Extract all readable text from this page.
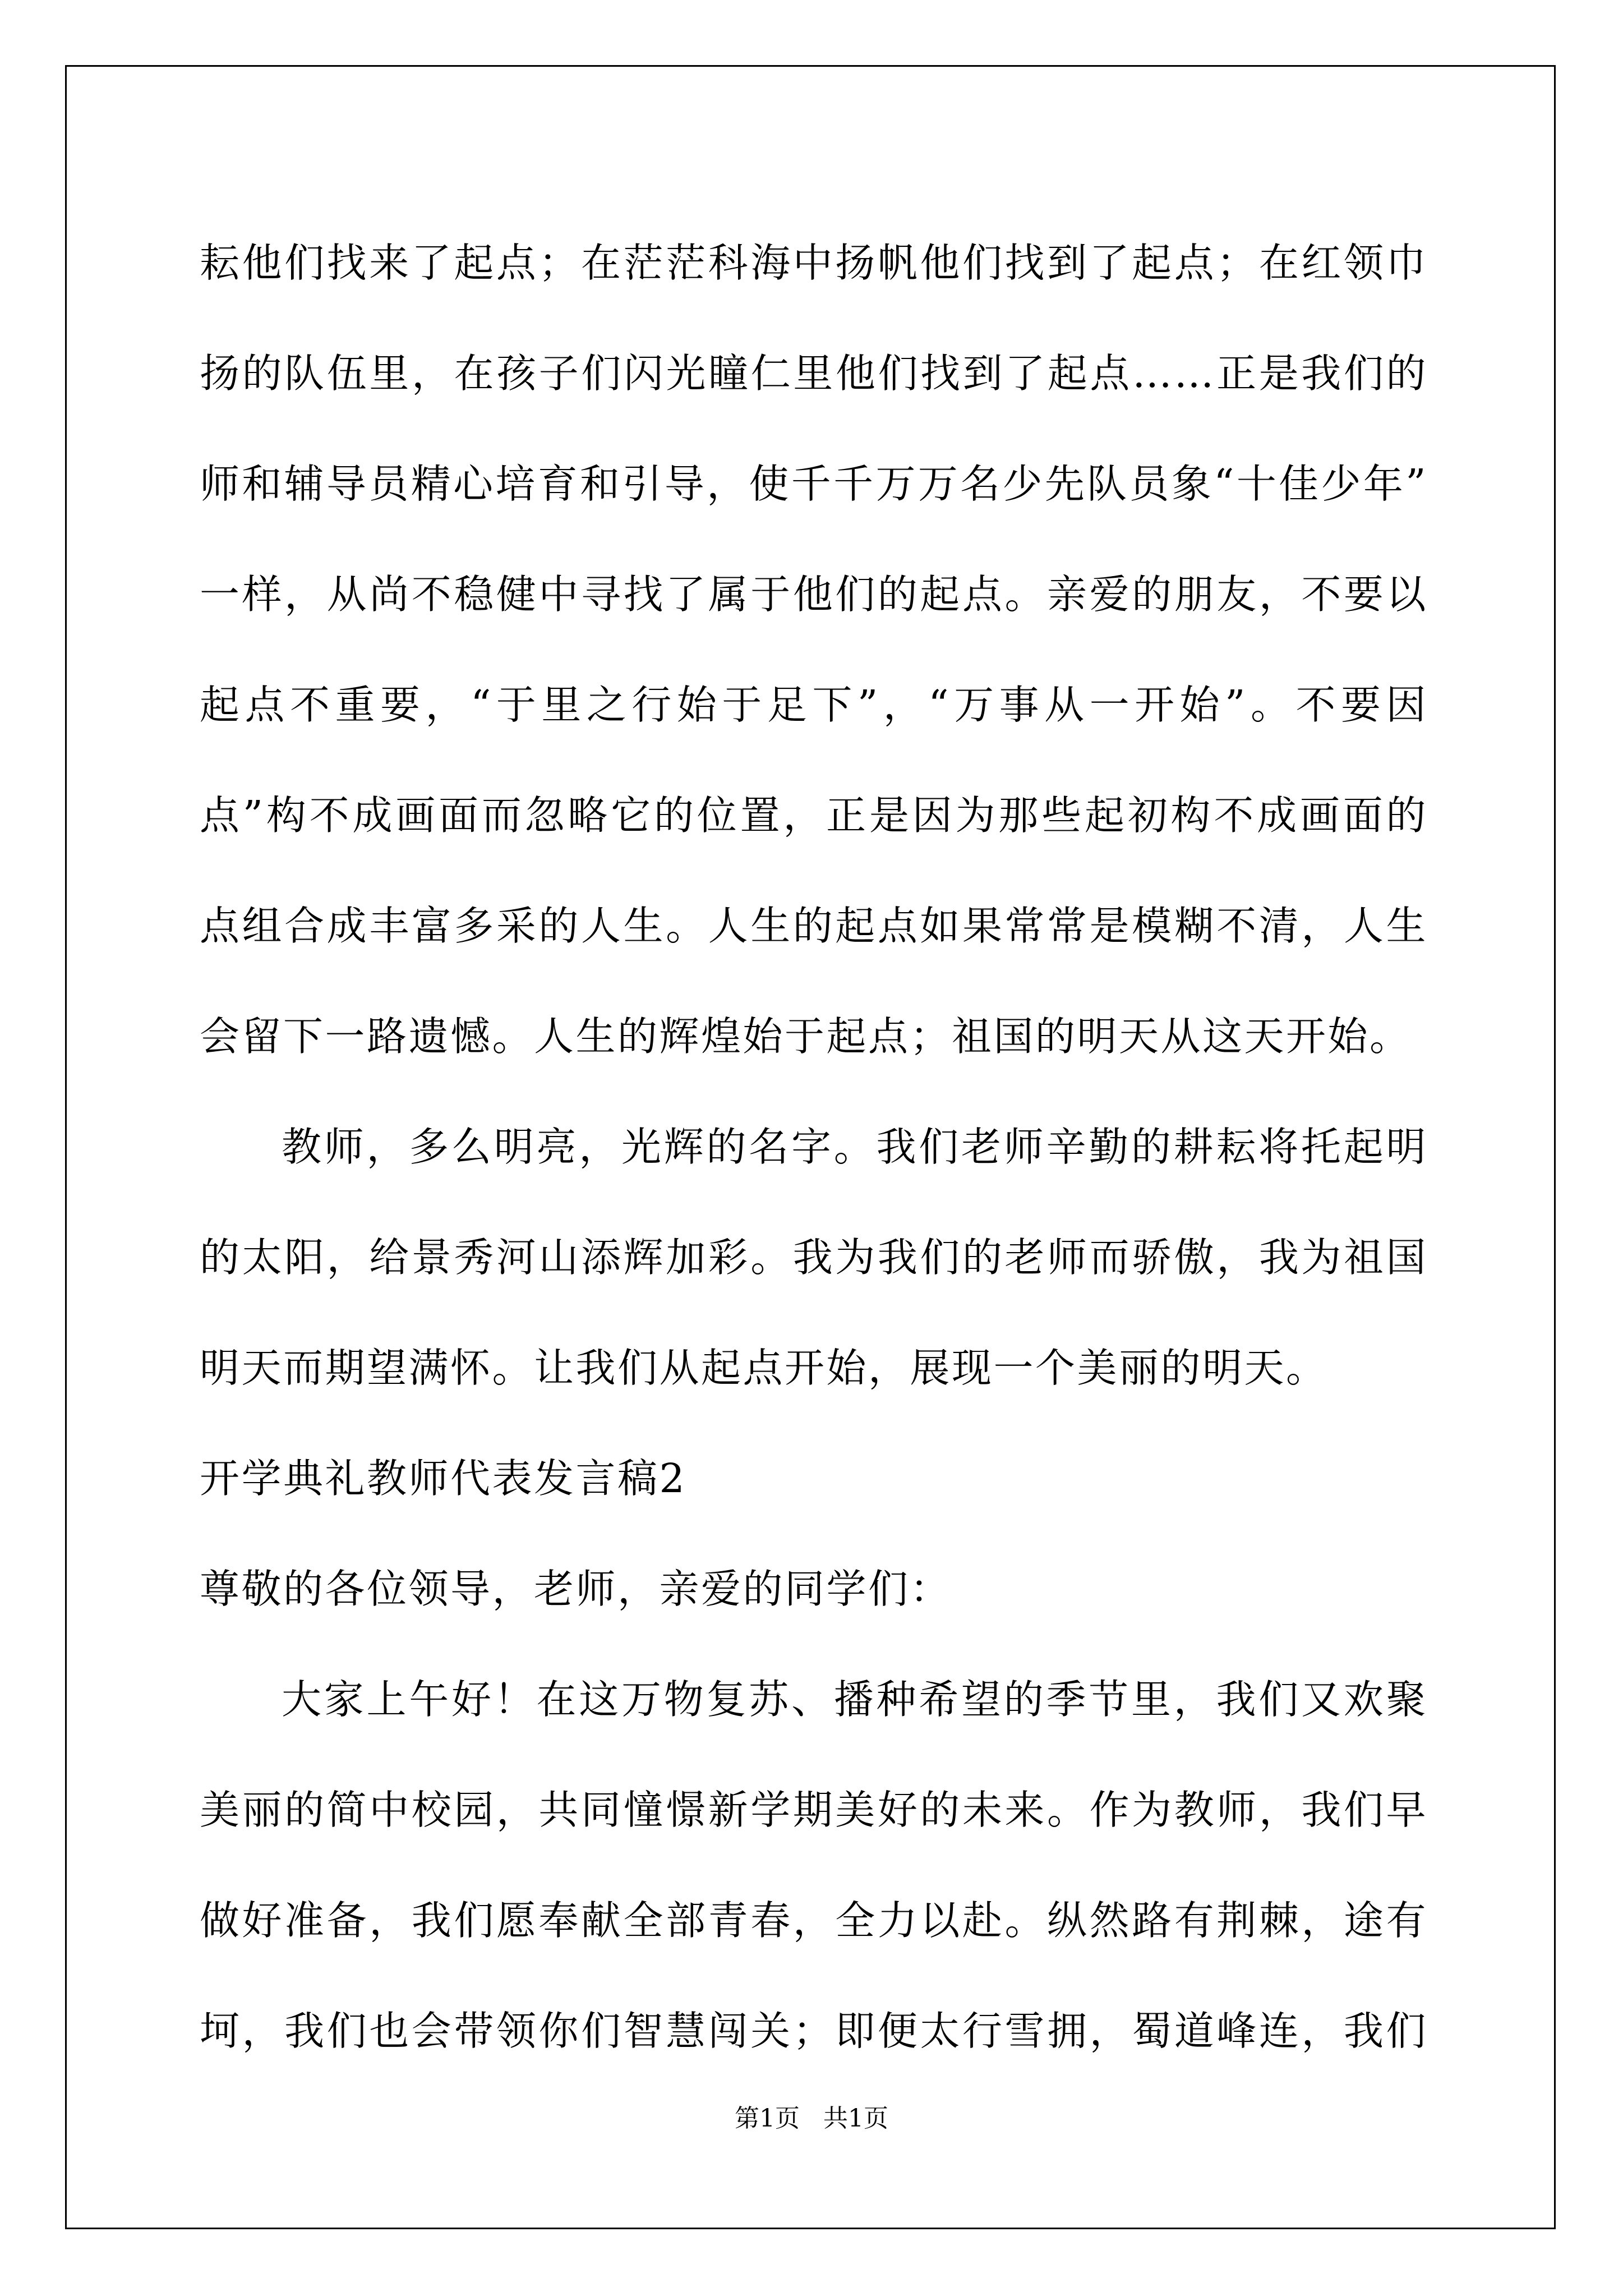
耘他们找来了起点；在茫茫科海中扬帆他们找到了起点；在红领巾
扬的队伍里，在孩子们闪光瞳仁里他们找到了起点……正是我们的
师和辅导员精心培育和引导，使千千万万名少先队员象“十佳少年”
一样，从尚不稳健中寻找了属于他们的起点。亲爱的朋友，不要以
起点不重要，“于里之行始于足下”，“万事从一开始”。不要因
点”构不成画面而忽略它的位置，正是因为那些起初构不成画面的
点组合成丰富多采的人生。人生的起点如果常常是模糊不清，人生
会留下一路遗憾。人生的辉煌始于起点；祖国的明天从这天开始。
教师，多么明亮，光辉的名字。我们老师辛勤的耕耘将托起明
的太阳，给景秀河山添辉加彩。我为我们的老师而骄傲，我为祖国
明天而期望满怀。让我们从起点开始，展现一个美丽的明天。
开学典礼教师代表发言稿2
尊敬的各位领导，老师，亲爱的同学们：
大家上午好！在这万物复苏、播种希望的季节里，我们又欢聚
美丽的简中校园，共同憧憬新学期美好的未来。作为教师，我们早
做好准备，我们愿奉献全部青春，全力以赴。纵然路有荆棘，途有
坷，我们也会带领你们智慧闯关；即便太行雪拥，蜀道峰连，我们
第1页 共1页
